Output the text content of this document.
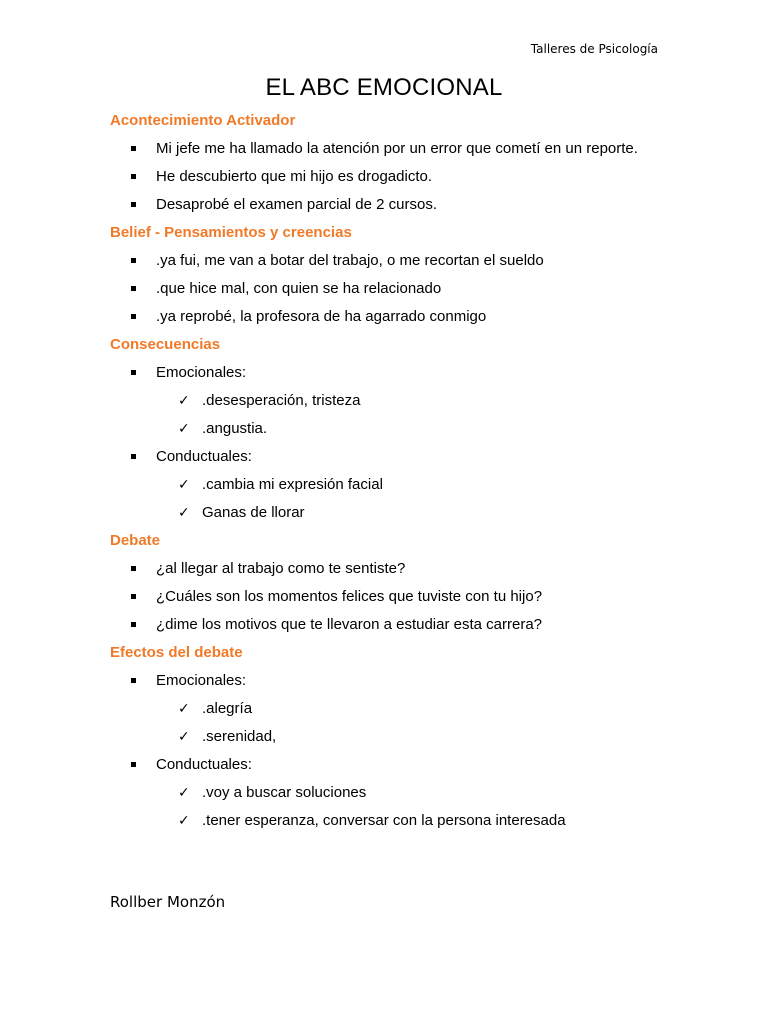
Talleres de Psicología
EL ABC EMOCIONAL
Acontecimiento Activador
Mi jefe me ha llamado la atención por un error que cometí en un reporte.
He descubierto que mi hijo es drogadicto.
Desaprobé el examen parcial de 2 cursos.
Belief - Pensamientos y creencias
.ya fui, me van a botar del trabajo, o me recortan el sueldo
.que hice mal, con quien se ha relacionado
.ya reprobé, la profesora de ha agarrado conmigo
Consecuencias
Emocionales:
✓ .desesperación, tristeza
✓ .angustia.
Conductuales:
✓ .cambia mi expresión facial
✓ Ganas de llorar
Debate
¿al llegar al trabajo como te sentiste?
¿Cuáles son los momentos felices que tuviste con tu hijo?
¿dime los motivos que te llevaron a estudiar esta carrera?
Efectos del debate
Emocionales:
✓ .alegría
✓ .serenidad,
Conductuales:
✓ .voy a buscar soluciones
✓ .tener esperanza, conversar con la persona interesada
Rollber Monzón
